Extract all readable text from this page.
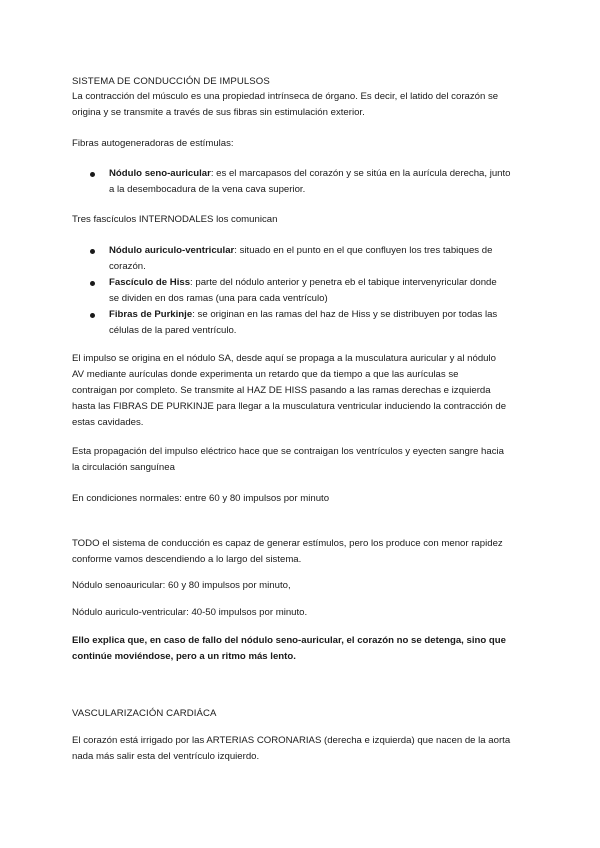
SISTEMA DE CONDUCCIÓN DE IMPULSOS

La contracción del músculo es una propiedad intrínseca de órgano. Es decir, el latido del corazón se

origina y se transmite a través de sus fibras sin estimulación exterior.

Fibras autogeneradoras de estímulas:

Nódulo seno-auricular: es el marcapasos del corazón y se sitúa en la aurícula derecha, junto
a la desembocadura de la vena cava superior.

Tres fascículos INTERNODALES los comunican

Nódulo auriculo-ventricular: situado en el punto en el que confluyen los tres tabiques de
corazón.
Fascículo de Hiss: parte del nódulo anterior y penetra eb el tabique intervenyricular donde
se dividen en dos ramas (una para cada ventrículo)
Fibras de Purkinje: se originan en las ramas del haz de Hiss y se distribuyen por todas las
células de la pared ventrículo.

El impulso se origina en el nódulo SA, desde aquí se propaga a la musculatura auricular y al nódulo

AV mediante aurículas donde experimenta un retardo que da tiempo a que las aurículas se

contraigan por completo. Se transmite al HAZ DE HISS pasando a las ramas derechas e izquierda

hasta las FIBRAS DE PURKINJE para llegar a la musculatura ventricular induciendo la contracción de

estas cavidades.

Esta propagación del impulso eléctrico hace que se contraigan los ventrículos y eyecten sangre hacia

la circulación sanguínea

En condiciones normales: entre 60 y 80 impulsos por minuto

TODO el sistema de conducción es capaz de generar estímulos, pero los produce con menor rapidez

conforme vamos descendiendo a lo largo del sistema.

Nódulo senoauricular: 60 y 80 impulsos por minuto,

Nódulo auriculo-ventricular: 40-50 impulsos por minuto.

Ello explica que, en caso de fallo del nódulo seno-auricular, el corazón no se detenga, sino que

continúe moviéndose, pero a un ritmo más lento.

VASCULARIZACIÓN CARDIÁCA

El corazón está irrigado por las ARTERIAS CORONARIAS (derecha e izquierda) que nacen de la aorta

nada más salir esta del ventrículo izquierdo.
